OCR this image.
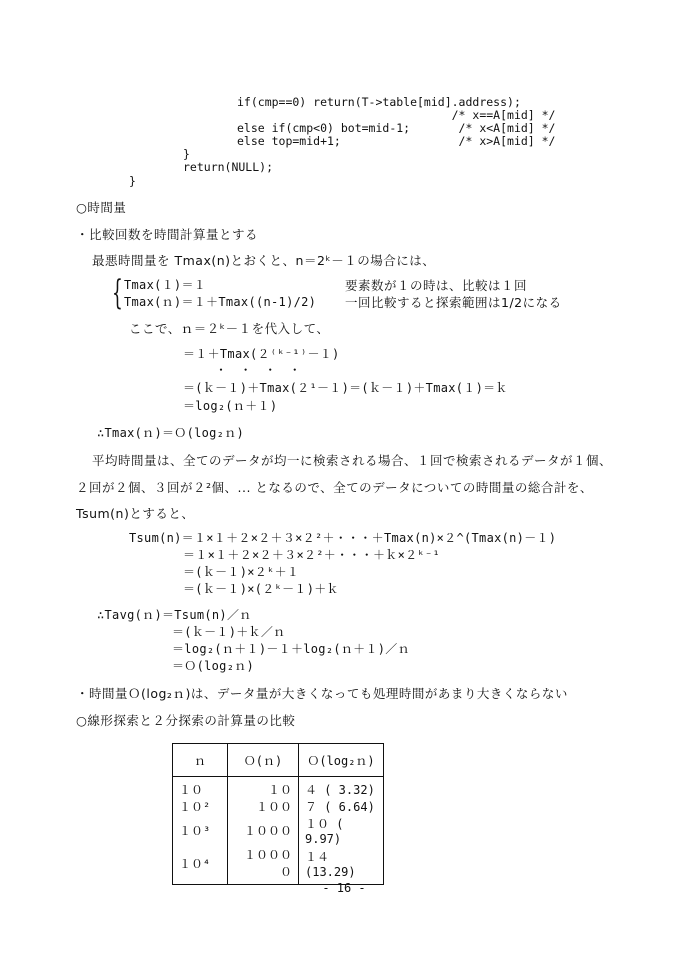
if(cmp==0) return(T->table[mid].address);
/* x==A[mid] */
else if(cmp<0) bot=mid-1;       /* x<A[mid] */
else top=mid+1;                 /* x>A[mid] */
}
return(NULL);
}
○時間量
・比較回数を時間計算量とする
最悪時間量を Tmax(n)とおくと、n＝2ᵏ－１の場合には、
{ Tmax(１)＝１	要素数が１の時は、比較は１回
Tmax(ｎ)＝１＋Tmax((n-1)/2) 一回比較すると探索範囲は1/2になる
ここで、ｎ＝２ᵏ－１を代入して、
＝１＋Tmax(２⁽ᵏ⁻¹⁾－１)
・　・　・　・
＝(ｋ－１)＋Tmax(２¹－１)＝(ｋ－１)＋Tmax(１)＝ｋ
＝log₂(ｎ＋１)
∴Tmax(ｎ)＝Ｏ(log₂ｎ)
平均時間量は、全てのデータが均一に検索される場合、１回で検索されるデータが１個、
２回が２個、３回が２²個、... となるので、全てのデータについての時間量の総合計を、
Tsum(n)とすると、
Tsum(n)＝１×１＋２×２＋３×２²＋・・・＋Tmax(n)×２^(Tmax(n)－１)
＝１×１＋２×２＋３×２²＋・・・＋ｋ×２ᵏ⁻¹
＝(ｋ－１)×２ᵏ＋１
＝(ｋ－１)×(２ᵏ－１)＋ｋ
∴Tavg(ｎ)＝Tsum(n)／ｎ
＝(ｋ－１)＋ｋ／ｎ
＝log₂(ｎ＋１)－１＋log₂(ｎ＋１)／ｎ
＝Ｏ(log₂ｎ)
・時間量Ｏ(log₂ｎ)は、データ量が大きくなっても処理時間があまり大きくならない
○線形探索と２分探索の計算量の比較
ｎ	Ｏ(ｎ)	Ｏ(log₂ｎ)
１０	１０	４ ( 3.32)
１０²	１００	７ ( 6.64)
１０³	１０００	１０ ( 9.97)
１０⁴	１００００	１４ (13.29)
- 16 -
